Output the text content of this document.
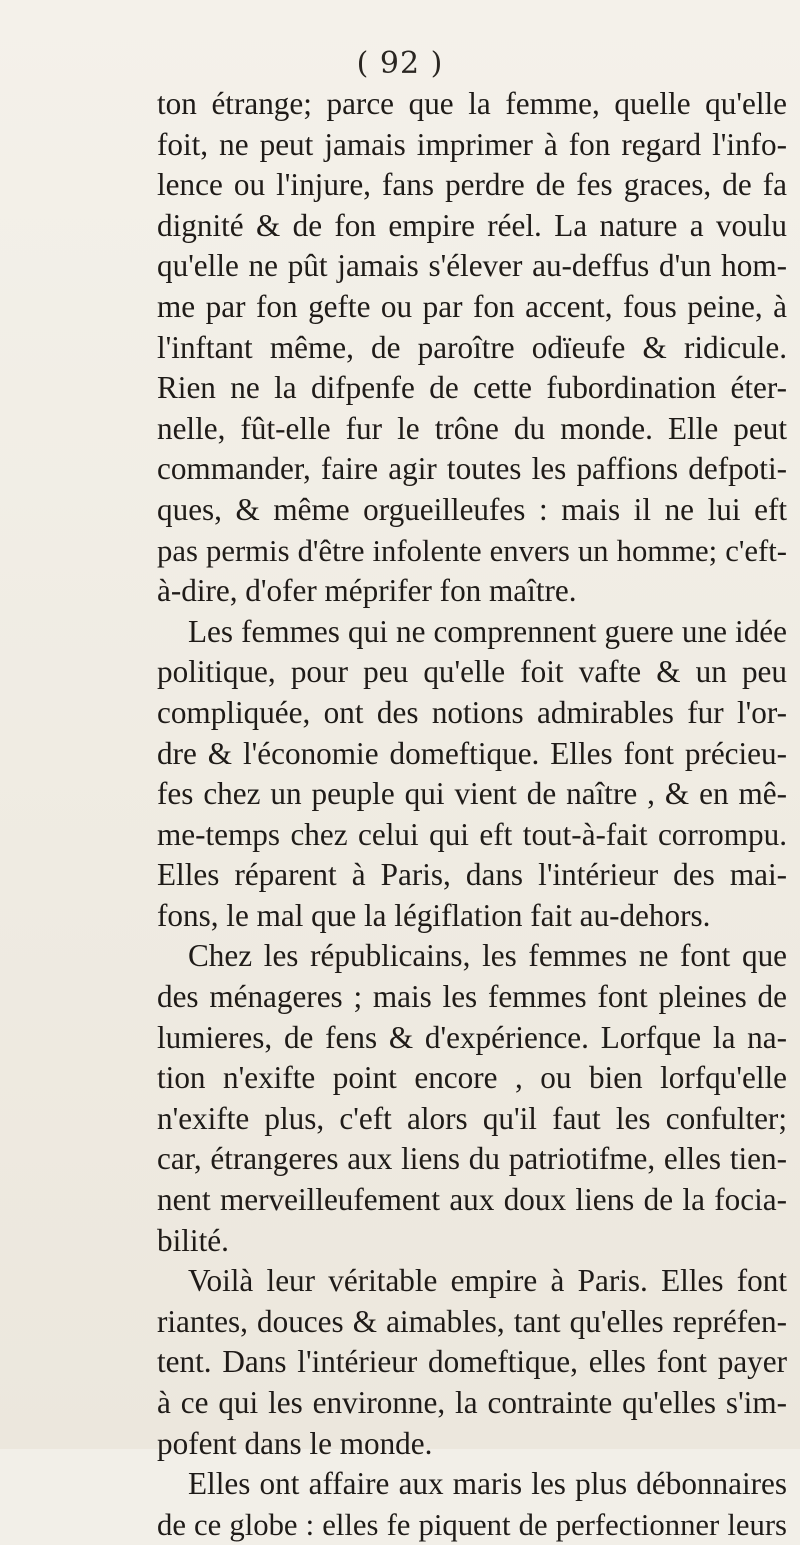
( 92 )
ton étrange; parce que la femme, quelle qu'elle
foit, ne peut jamais imprimer à fon regard l'info-
lence ou l'injure, fans perdre de fes graces, de fa
dignité & de fon empire réel. La nature a voulu
qu'elle ne pût jamais s'élever au-deffus d'un hom-
me par fon gefte ou par fon accent, fous peine, à
l'inftant même, de paroître odïeufe & ridicule.
Rien ne la difpenfe de cette fubordination éter-
nelle, fût-elle fur le trône du monde. Elle peut
commander, faire agir toutes les paffions defpoti-
ques, & même orgueilleufes : mais il ne lui eft
pas permis d'être infolente envers un homme; c'eft-
à-dire, d'ofer méprifer fon maître.
Les femmes qui ne comprennent guere une idée
politique, pour peu qu'elle foit vafte & un peu
compliquée, ont des notions admirables fur l'or-
dre & l'économie domeftique. Elles font précieu-
fes chez un peuple qui vient de naître , & en mê-
me-temps chez celui qui eft tout-à-fait corrompu.
Elles réparent à Paris, dans l'intérieur des mai-
fons, le mal que la légiflation fait au-dehors.
Chez les républicains, les femmes ne font que
des ménageres ; mais les femmes font pleines de
lumieres, de fens & d'expérience. Lorfque la na-
tion n'exifte point encore , ou bien lorfqu'elle
n'exifte plus, c'eft alors qu'il faut les confulter;
car, étrangeres aux liens du patriotifme, elles tien-
nent merveilleufement aux doux liens de la focia-
bilité.
Voilà leur véritable empire à Paris. Elles font
riantes, douces & aimables, tant qu'elles repréfen-
tent. Dans l'intérieur domeftique, elles font payer
à ce qui les environne, la contrainte qu'elles s'im-
pofent dans le monde.
Elles ont affaire aux maris les plus débonnaires
de ce globe : elles fe piquent de perfectionner leurs
